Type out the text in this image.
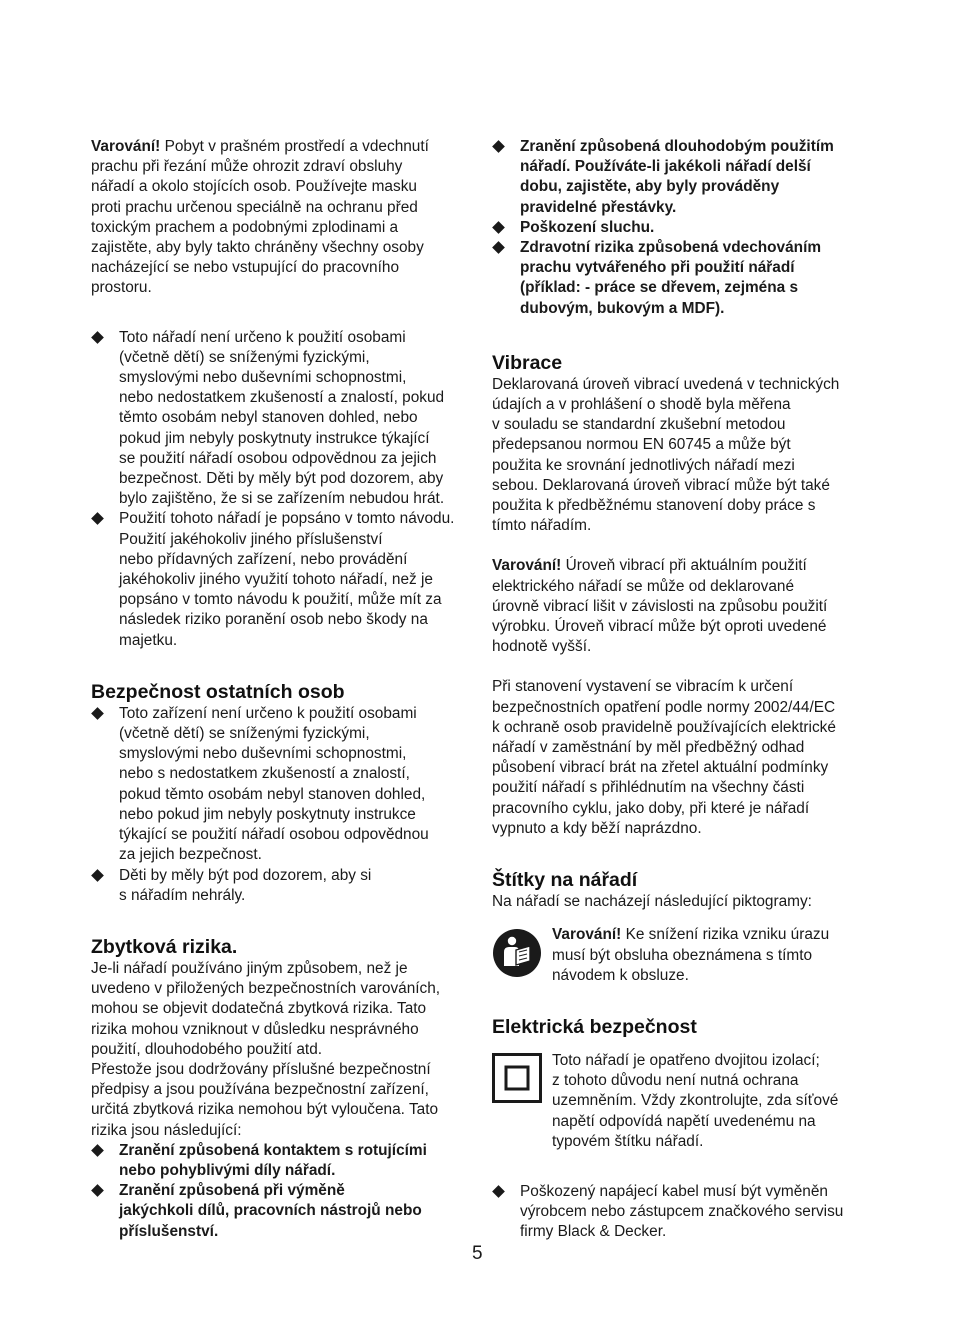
Varování! Pobyt v prašném prostředí a vdechnutí
prachu při řezání může ohrozit zdraví obsluhy
nářadí a okolo stojících osob. Používejte masku
proti prachu určenou speciálně na ochranu před
toxickým prachem a podobnými zplodinami a
zajistěte, aby byly takto chráněny všechny osoby
nacházející se nebo vstupující do pracovního
prostoru.

Toto nářadí není určeno k použití osobami
(včetně dětí) se sníženými fyzickými,
smyslovými nebo duševními schopnostmi,
nebo nedostatkem zkušeností a znalostí, pokud
těmto osobám nebyl stanoven dohled, nebo
pokud jim nebyly poskytnuty instrukce týkající
se použití nářadí osobou odpovědnou za jejich
bezpečnost. Děti by měly být pod dozorem, aby
bylo zajištěno, že si se zařízením nebudou hrát.
Použití tohoto nářadí je popsáno v tomto návodu.
Použití jakéhokoliv jiného příslušenství
nebo přídavných zařízení, nebo provádění
jakéhokoliv jiného využití tohoto nářadí, než je
popsáno v tomto návodu k použití, může mít za
následek riziko poranění osob nebo škody na
majetku.

Bezpečnost ostatních osob

Toto zařízení není určeno k použití osobami
(včetně dětí) se sníženými fyzickými,
smyslovými nebo duševními schopnostmi,
nebo s nedostatkem zkušeností a znalostí,
pokud těmto osobám nebyl stanoven dohled,
nebo pokud jim nebyly poskytnuty instrukce
týkající se použití nářadí osobou odpovědnou
za jejich bezpečnost.
Děti by měly být pod dozorem, aby si
s nářadím nehrály.

Zbytková rizika.

Je-li nářadí používáno jiným způsobem, než je
uvedeno v přiložených bezpečnostních varováních,
mohou se objevit dodatečná zbytková rizika. Tato
rizika mohou vzniknout v důsledku nesprávného
použití, dlouhodobého použití atd.
Přestože jsou dodržovány příslušné bezpečnostní
předpisy a jsou používána bezpečnostní zařízení,
určitá zbytková rizika nemohou být vyloučena. Tato
rizika jsou následující:

Zranění způsobená kontaktem s rotujícími
nebo pohyblivými díly nářadí.
Zranění způsobená při výměně
jakýchkoli dílů, pracovních nástrojů nebo
příslušenství.
Zranění způsobená dlouhodobým použitím
nářadí. Používáte-li jakékoli nářadí delší
dobu, zajistěte, aby byly prováděny
pravidelné přestávky.
Poškození sluchu.
Zdravotní rizika způsobená vdechováním
prachu vytvářeného při použití nářadí
(příklad: - práce se dřevem, zejména s
dubovým, bukovým a MDF).

Vibrace

Deklarovaná úroveň vibrací uvedená v technických
údajích a v prohlášení o shodě byla měřena
v souladu se standardní zkušební metodou
předepsanou normou EN 60745 a může být
použita ke srovnání jednotlivých nářadí mezi
sebou. Deklarovaná úroveň vibrací může být také
použita k předběžnému stanovení doby práce s
tímto nářadím.

Varování! Úroveň vibrací při aktuálním použití
elektrického nářadí se může od deklarované
úrovně vibrací lišit v závislosti na způsobu použití
výrobku. Úroveň vibrací může být oproti uvedené
hodnotě vyšší.

Při stanovení vystavení se vibracím k určení
bezpečnostních opatření podle normy 2002/44/EC
k ochraně osob pravidelně používajících elektrické
nářadí v zaměstnání by měl předběžný odhad
působení vibrací brát na zřetel aktuální podmínky
použití nářadí s přihlédnutím na všechny části
pracovního cyklu, jako doby, při které je nářadí
vypnuto a kdy běží naprázdno.

Štítky na nářadí

Na nářadí se nacházejí následující piktogramy:

Varování! Ke snížení rizika vzniku úrazu
musí být obsluha obeznámena s tímto
návodem k obsluze.

Elektrická bezpečnost

Toto nářadí je opatřeno dvojitou izolací;
z tohoto důvodu není nutná ochrana
uzemněním. Vždy zkontrolujte, zda síťové
napětí odpovídá napětí uvedenému na
typovém štítku nářadí.

Poškozený napájecí kabel musí být vyměněn
výrobcem nebo zástupcem značkového servisu
firmy Black & Decker.
5
